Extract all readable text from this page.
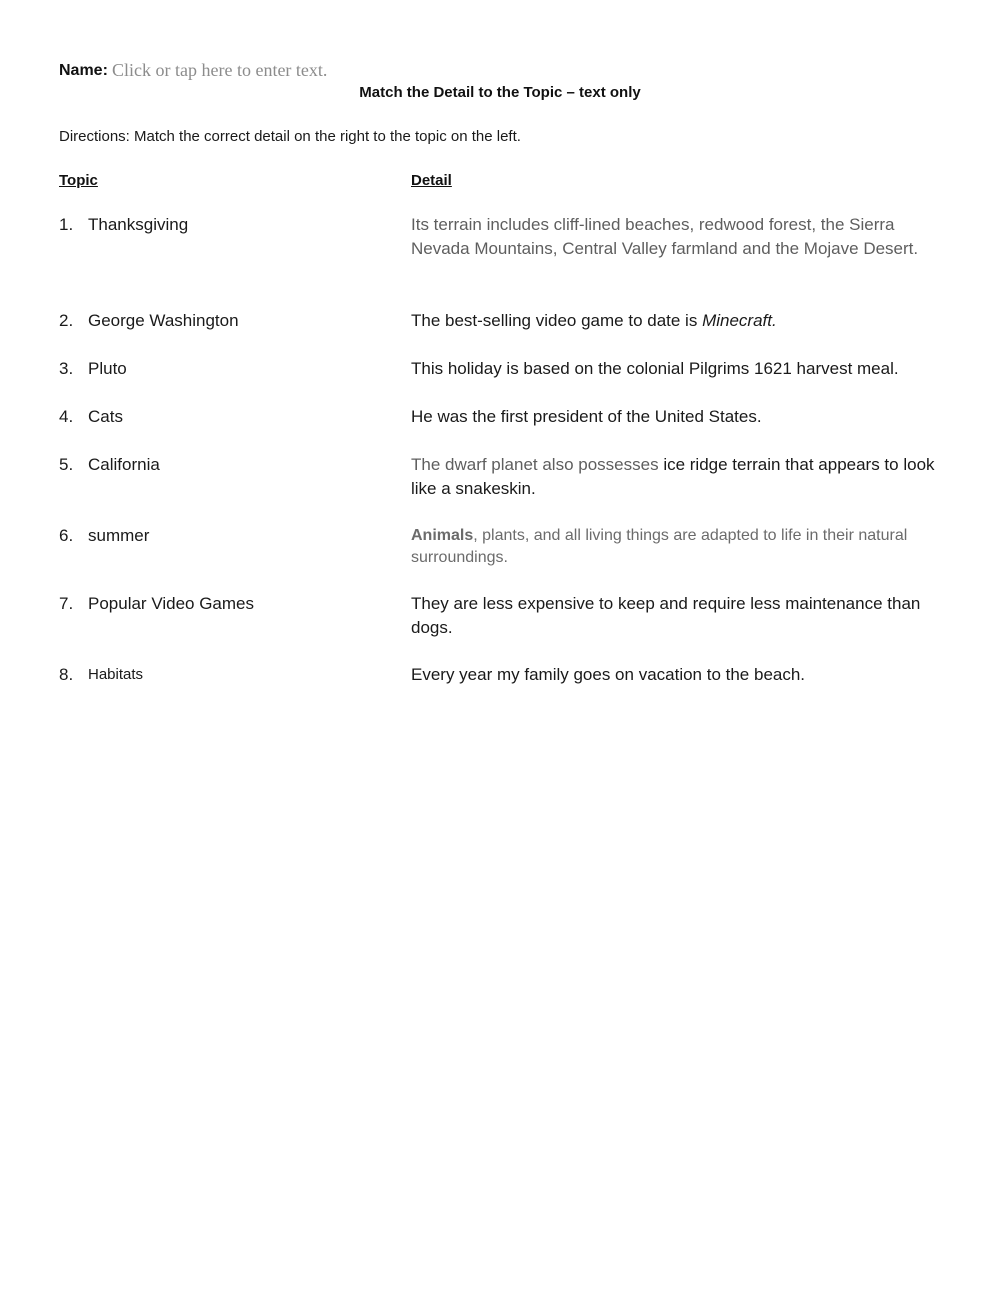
Name: Click or tap here to enter text.
Match the Detail to the Topic – text only
Directions: Match the correct detail on the right to the topic on the left.
Topic	Detail
1. Thanksgiving	Its terrain includes cliff-lined beaches, redwood forest, the Sierra Nevada Mountains, Central Valley farmland and the Mojave Desert.
2. George Washington	The best-selling video game to date is Minecraft.
3. Pluto	This holiday is based on the colonial Pilgrims 1621 harvest meal.
4. Cats	He was the first president of the United States.
5. California	The dwarf planet also possesses ice ridge terrain that appears to look like a snakeskin.
6. summer	Animals, plants, and all living things are adapted to life in their natural surroundings.
7. Popular Video Games	They are less expensive to keep and require less maintenance than dogs.
8. Habitats	Every year my family goes on vacation to the beach.
